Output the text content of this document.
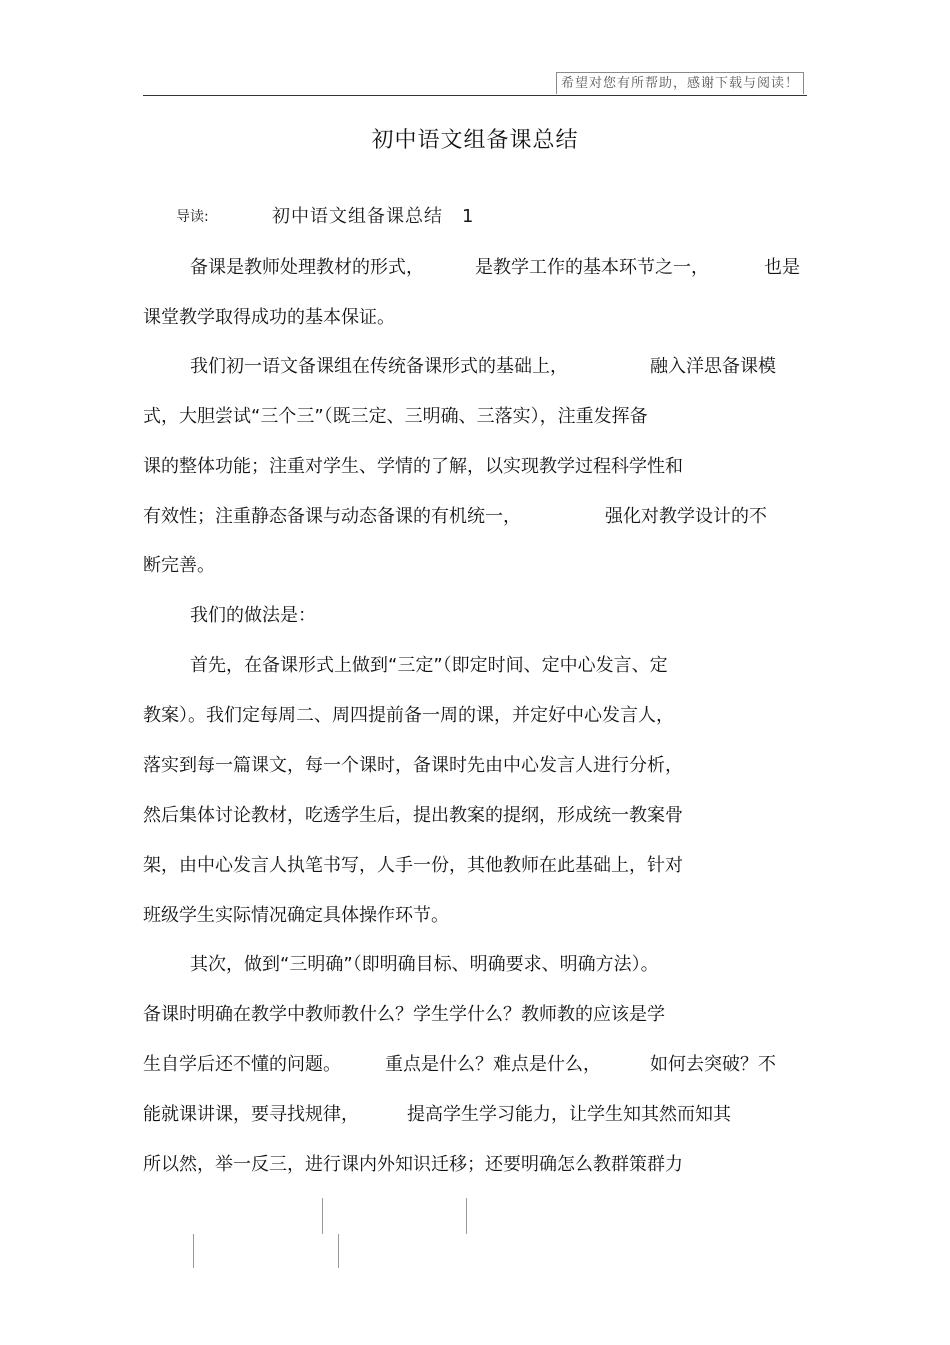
希望对您有所帮助，感谢下载与阅读！
初中语文组备课总结
导读:	初中语文组备课总结　1
备课是教师处理教材的形式，	是教学工作的基本环节之一，	也是
课堂教学取得成功的基本保证。
我们初一语文备课组在传统备课形式的基础上，	融入洋思备课模
式，大胆尝试“三个三”（既三定、三明确、三落实），注重发挥备
课的整体功能；注重对学生、学情的了解，以实现教学过程科学性和
有效性；注重静态备课与动态备课的有机统一，	强化对教学设计的不
断完善。
我们的做法是：
首先，在备课形式上做到“三定”（即定时间、定中心发言、定
教案）。我们定每周二、周四提前备一周的课，并定好中心发言人，
落实到每一篇课文，每一个课时，备课时先由中心发言人进行分析，
然后集体讨论教材，吃透学生后，提出教案的提纲，形成统一教案骨
架，由中心发言人执笔书写，人手一份，其他教师在此基础上，针对
班级学生实际情况确定具体操作环节。
其次，做到“三明确”（即明确目标、明确要求、明确方法）。
备课时明确在教学中教师教什么？学生学什么？教师教的应该是学
生自学后还不懂的问题。 重点是什么？难点是什么，	如何去突破？不
能就课讲课，要寻找规律，	提高学生学习能力，让学生知其然而知其
所以然，举一反三，进行课内外知识迁移；还要明确怎么教群策群力
